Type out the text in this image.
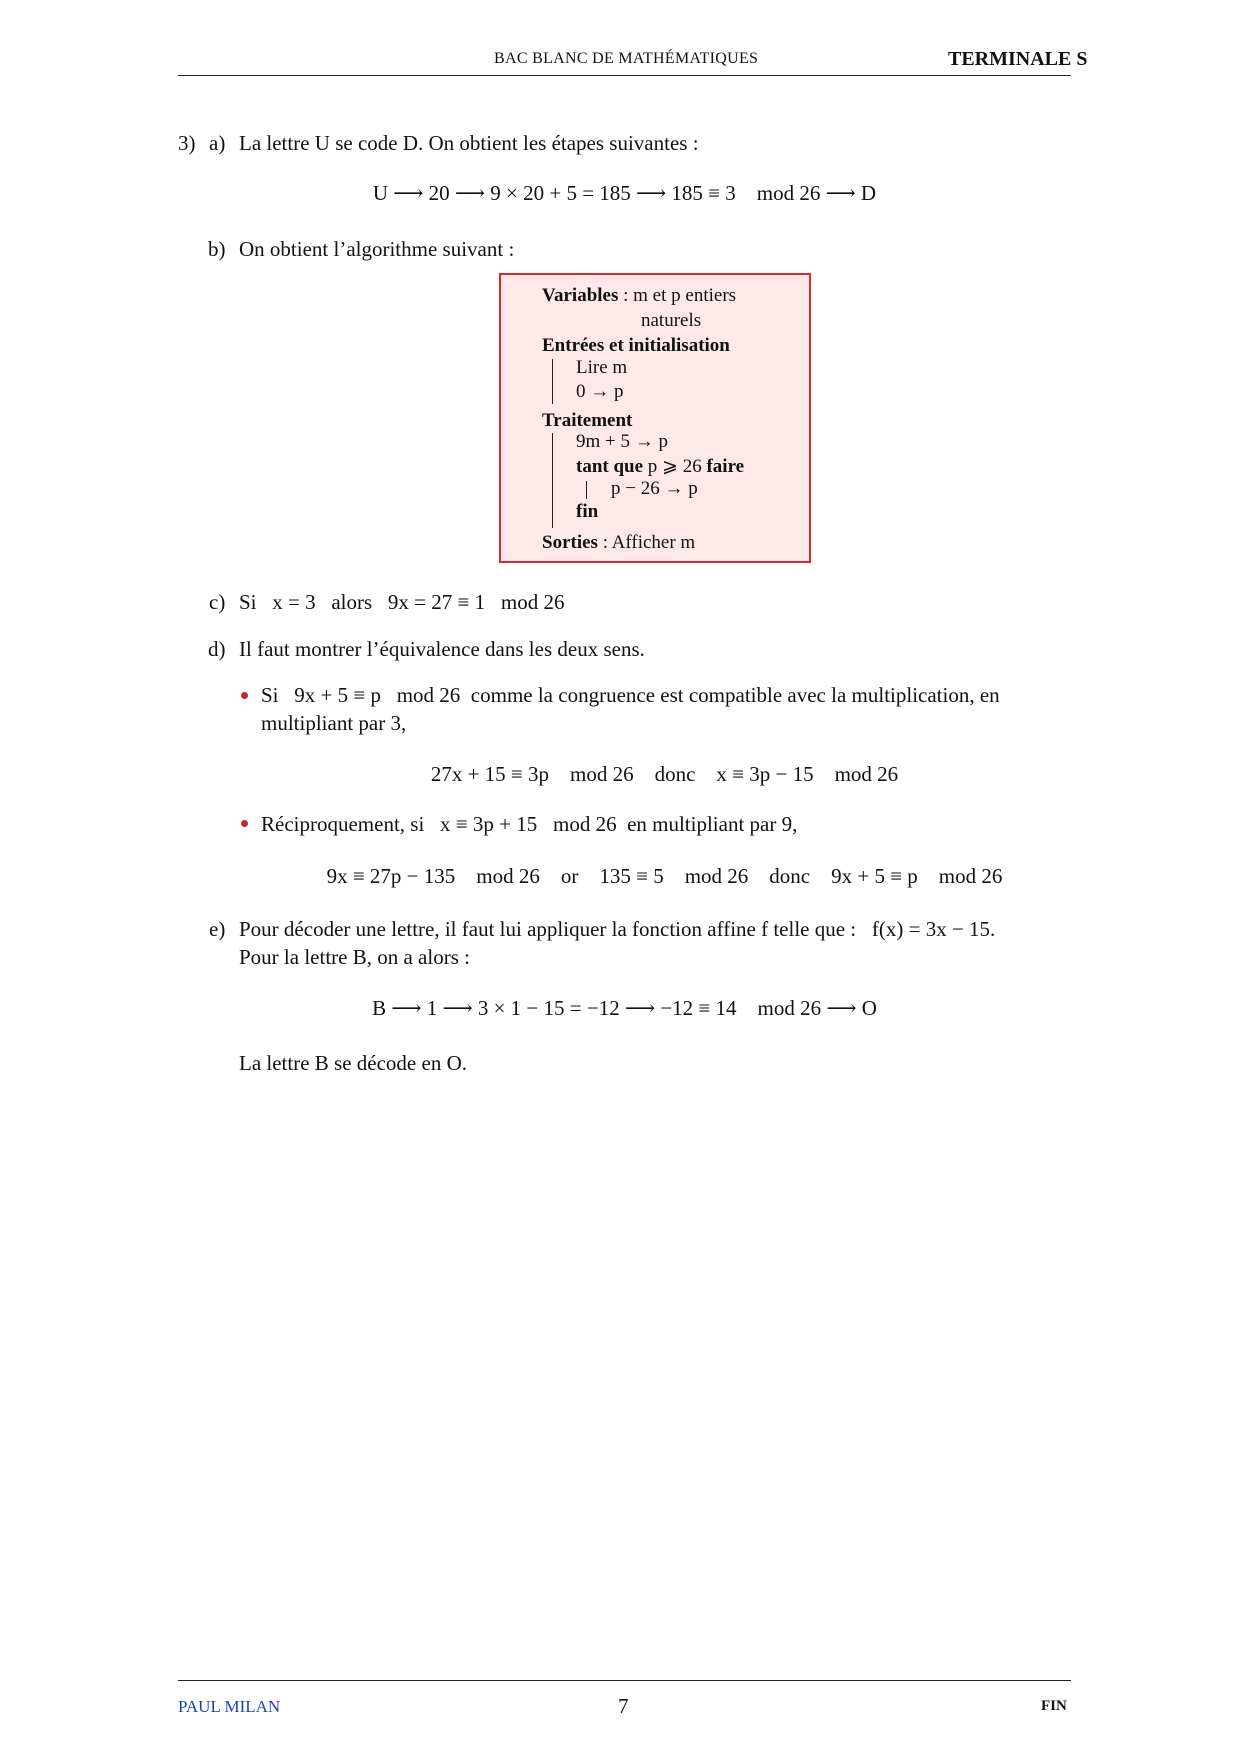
BAC BLANC DE MATHÉMATIQUES	TERMINALE S
3) a) La lettre U se code D. On obtient les étapes suivantes :
U ⟶ 20 ⟶ 9 × 20 + 5 = 185 ⟶ 185 ≡ 3    mod 26 ⟶ D
b) On obtient l’algorithme suivant :
Variables : m et p entiers
naturels
Entrées et initialisation
Lire m
0 → p
Traitement
9m + 5 → p
tant que p ⩾ 26 faire
p − 26 → p
fin
Sorties : Afficher m
c) Si   x = 3   alors   9x = 27 ≡ 1   mod 26
d) Il faut montrer l’équivalence dans les deux sens.
Si   9x + 5 ≡ p   mod 26  comme la congruence est compatible avec la multiplication, en
multipliant par 3,
27x + 15 ≡ 3p    mod 26    donc    x ≡ 3p − 15    mod 26
Réciproquement, si   x ≡ 3p + 15   mod 26  en multipliant par 9,
9x ≡ 27p − 135    mod 26    or    135 ≡ 5    mod 26    donc    9x + 5 ≡ p    mod 26
e) Pour décoder une lettre, il faut lui appliquer la fonction affine f telle que :   f(x) = 3x − 15.
Pour la lettre B, on a alors :
B ⟶ 1 ⟶ 3 × 1 − 15 = −12 ⟶ −12 ≡ 14    mod 26 ⟶ O
La lettre B se décode en O.
PAUL MILAN	7	FIN
